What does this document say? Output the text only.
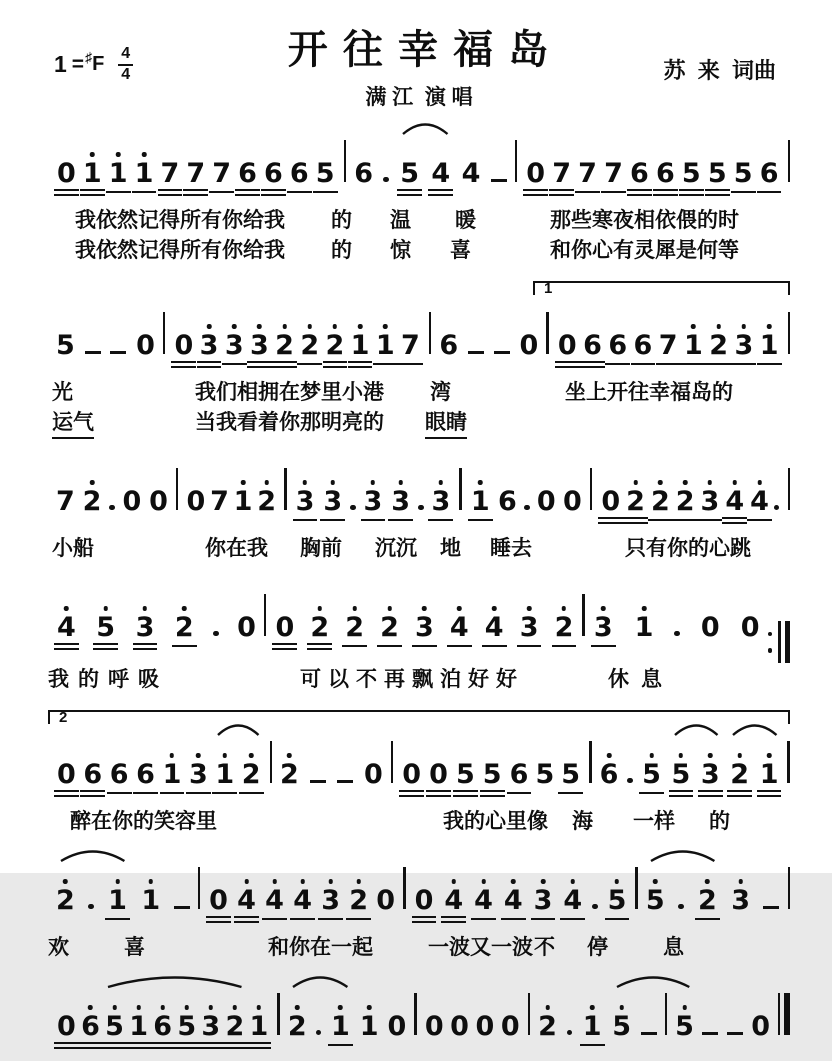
1 = ♯ F $\frac{4}{4}$	开 往 幸 福 岛
满 江  演 唱
苏  来  词曲
0 1 1 1 7 7 7 6 6 6 5 6 5 4 4 0 7 7 7 6 6 5 5 5 6
我依然记得所有你给我 的 温 暖	那些寒夜相依偎的时
我依然记得所有你给我 的 惊 喜	和你心有灵犀是何等
5 0 0 3 3 3 2 2 2 1 1 7 6 0 0 6 6 6 7 1 2 3 1
1
光	我们相拥在梦里小港 湾	坐上开往幸福岛的
运气	当我看着你那明亮的 眼睛
7 2 0 0 0 7 1 2 3 3 3 3 3 1 6 0 0 0 2 2 2 3 4 4
小船	你在我 胸前 沉沉 地 睡去	只有你的心跳
4 5 3 2 0 0 2 2 2 3 4 4 3 2 3 1 0 0
我的呼吸	可以不再飘泊好好	休息
0 6 6 6 1 3 1 2 2 0 0 0 5 5 6 5 5 6 5 5 3 2 1
2
醉在你的笑容里	我的心里像 海 一样 的
2 1 1 0 4 4 4 3 2 0 0 4 4 4 3 4 5 5 2 3
欢	喜	和你在一起	一波又一波 不 停	息
0 6 5 1 6 5 3 2 1 2 1 1 0 0 0 0 0 2 1 5 5 0
